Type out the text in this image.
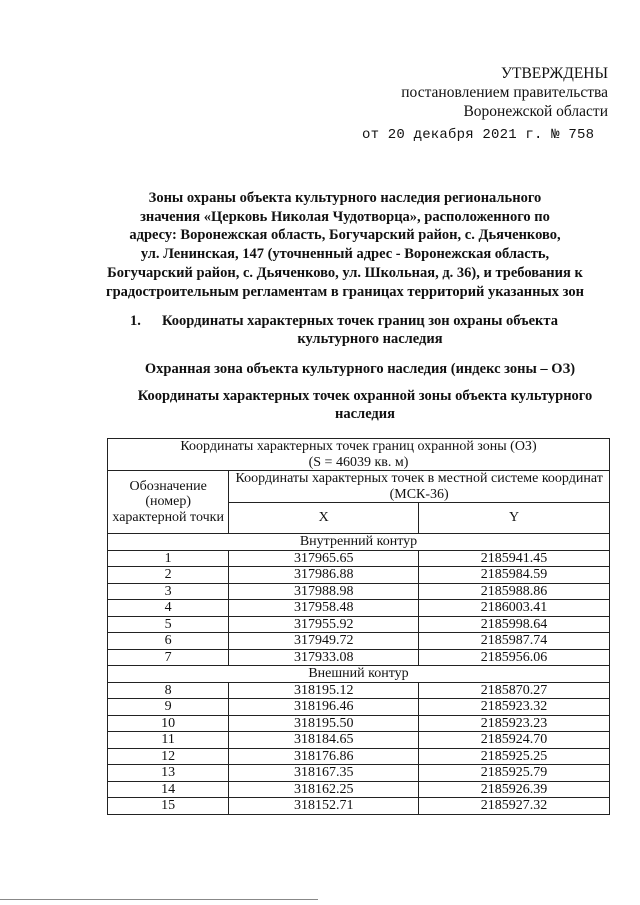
УТВЕРЖДЕНЫ
постановлением правительства
Воронежской области
от 20 декабря 2021 г. № 758
Зоны охраны объекта культурного наследия регионального
значения «Церковь Николая Чудотворца», расположенного по
адресу: Воронежская область, Богучарский район, с. Дьяченково,
ул. Ленинская, 147 (уточненный адрес - Воронежская область,
Богучарский район, с. Дьяченково, ул. Школьная, д. 36), и требования к
градостроительным регламентам в границах территорий указанных зон
1. Координаты характерных точек границ зон охраны объекта
культурного наследия
Охранная зона объекта культурного наследия (индекс зоны – ОЗ)
Координаты характерных точек охранной зоны объекта культурного
наследия
Координаты характерных точек границ охранной зоны (ОЗ)
(S = 46039 кв. м)		

Обозначение (номер) характерной точки	Координаты характерных точек в местной системе координат (МСК-36)	
	X	Y
Внутренний контур		
1	317965.65	2185941.45
2	317986.88	2185984.59
3	317988.98	2185988.86
4	317958.48	2186003.41
5	317955.92	2185998.64
6	317949.72	2185987.74
7	317933.08	2185956.06
Внешний контур		
8	318195.12	2185870.27
9	318196.46	2185923.32
10	318195.50	2185923.23
11	318184.65	2185924.70
12	318176.86	2185925.25
13	318167.35	2185925.79
14	318162.25	2185926.39
15	318152.71	2185927.32
